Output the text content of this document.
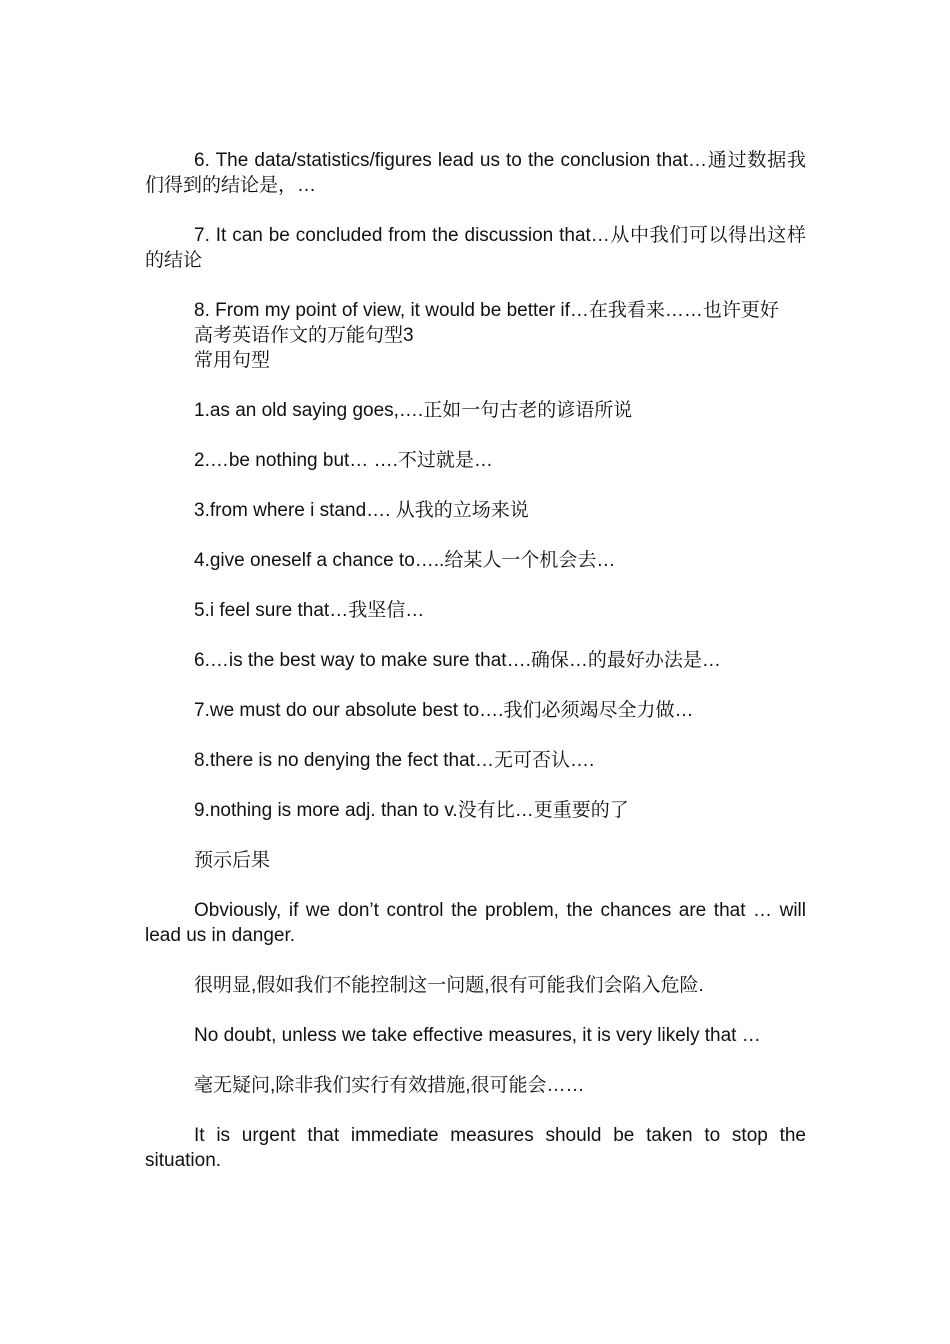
6. The data/statistics/figures lead us to the conclusion that…通过数据我们得到的结论是，…

7. It can be concluded from the discussion that…从中我们可以得出这样的结论

8. From my point of view, it would be better if…在我看来……也许更好

高考英语作文的万能句型3

常用句型

1.as an old saying goes,….正如一句古老的谚语所说

2.…be nothing but… ….不过就是…

3.from where i stand…. 从我的立场来说

4.give oneself a chance to…..给某人一个机会去…

5.i feel sure that…我坚信…

6.…is the best way to make sure that….确保…的最好办法是…

7.we must do our absolute best to….我们必须竭尽全力做…

8.there is no denying the fect that…无可否认….

9.nothing is more adj. than to v.没有比…更重要的了

预示后果

Obviously, if we don’t control the problem, the chances are that … will lead us in danger.

很明显,假如我们不能控制这一问题,很有可能我们会陷入危险.

No doubt, unless we take effective measures, it is very likely that …

毫无疑问,除非我们实行有效措施,很可能会……

It is urgent that immediate measures should be taken to stop the situation.
